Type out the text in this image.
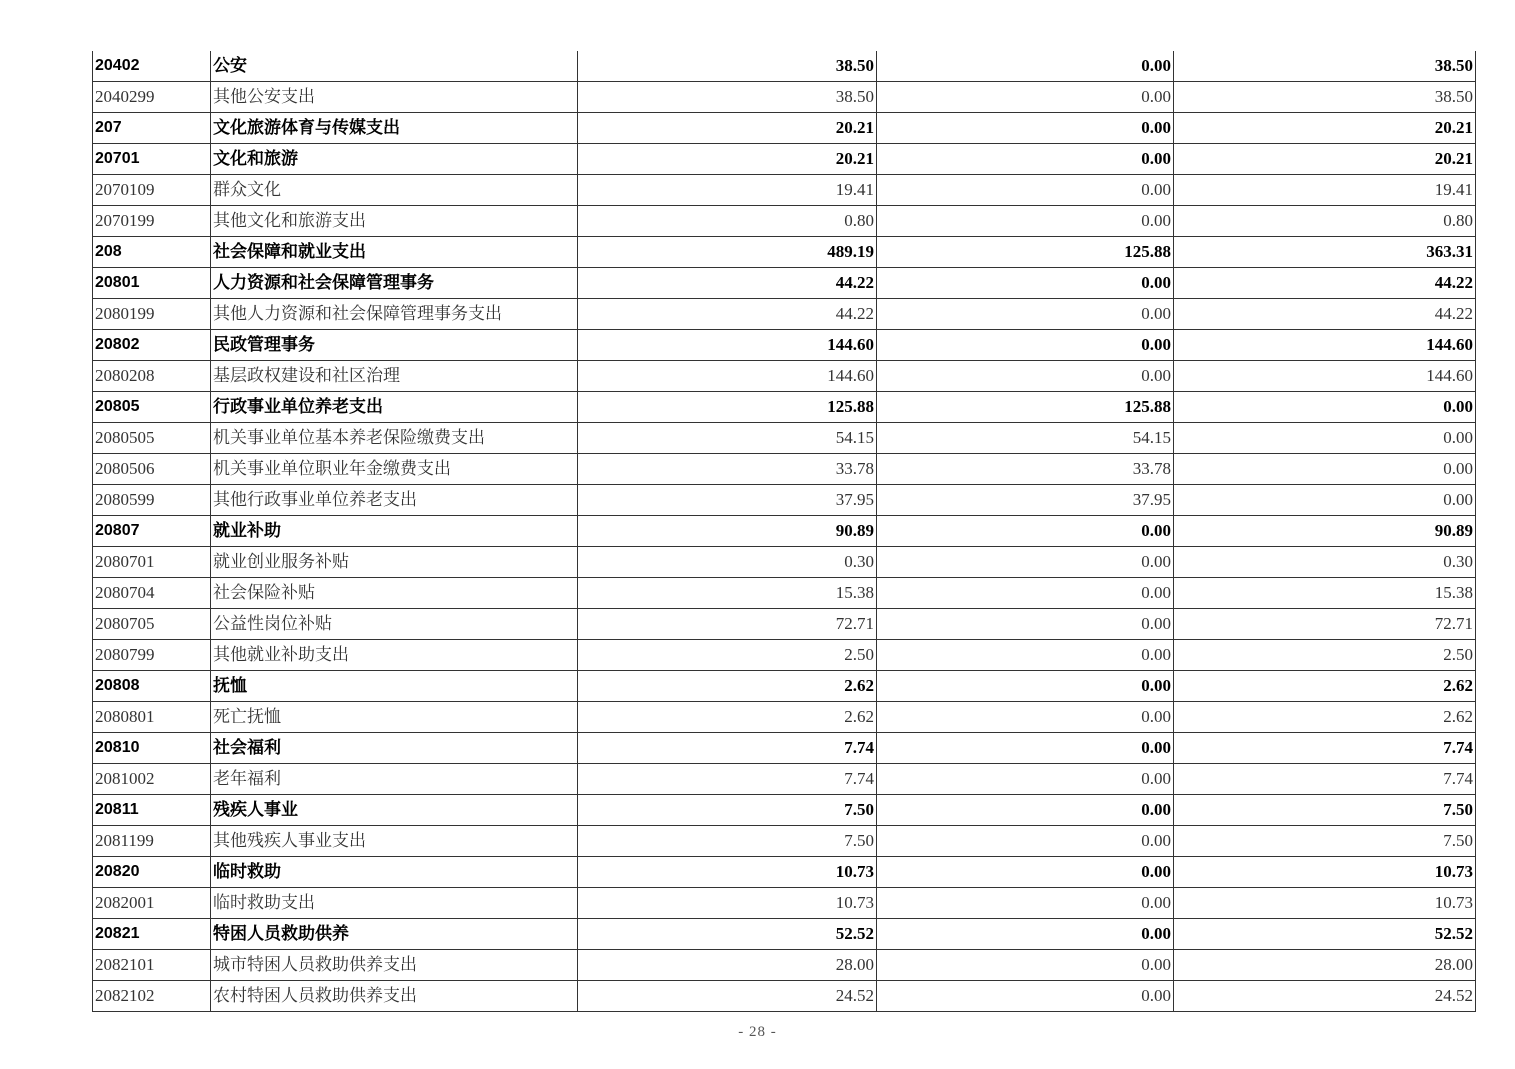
20402	公安	38.50	0.00	38.50
2040299	其他公安支出	38.50	0.00	38.50
207	文化旅游体育与传媒支出	20.21	0.00	20.21
20701	文化和旅游	20.21	0.00	20.21
2070109	群众文化	19.41	0.00	19.41
2070199	其他文化和旅游支出	0.80	0.00	0.80
208	社会保障和就业支出	489.19	125.88	363.31
20801	人力资源和社会保障管理事务	44.22	0.00	44.22
2080199	其他人力资源和社会保障管理事务支出	44.22	0.00	44.22
20802	民政管理事务	144.60	0.00	144.60
2080208	基层政权建设和社区治理	144.60	0.00	144.60
20805	行政事业单位养老支出	125.88	125.88	0.00
2080505	机关事业单位基本养老保险缴费支出	54.15	54.15	0.00
2080506	机关事业单位职业年金缴费支出	33.78	33.78	0.00
2080599	其他行政事业单位养老支出	37.95	37.95	0.00
20807	就业补助	90.89	0.00	90.89
2080701	就业创业服务补贴	0.30	0.00	0.30
2080704	社会保险补贴	15.38	0.00	15.38
2080705	公益性岗位补贴	72.71	0.00	72.71
2080799	其他就业补助支出	2.50	0.00	2.50
20808	抚恤	2.62	0.00	2.62
2080801	死亡抚恤	2.62	0.00	2.62
20810	社会福利	7.74	0.00	7.74
2081002	老年福利	7.74	0.00	7.74
20811	残疾人事业	7.50	0.00	7.50
2081199	其他残疾人事业支出	7.50	0.00	7.50
20820	临时救助	10.73	0.00	10.73
2082001	临时救助支出	10.73	0.00	10.73
20821	特困人员救助供养	52.52	0.00	52.52
2082101	城市特困人员救助供养支出	28.00	0.00	28.00
2082102	农村特困人员救助供养支出	24.52	0.00	24.52
- 28 -
